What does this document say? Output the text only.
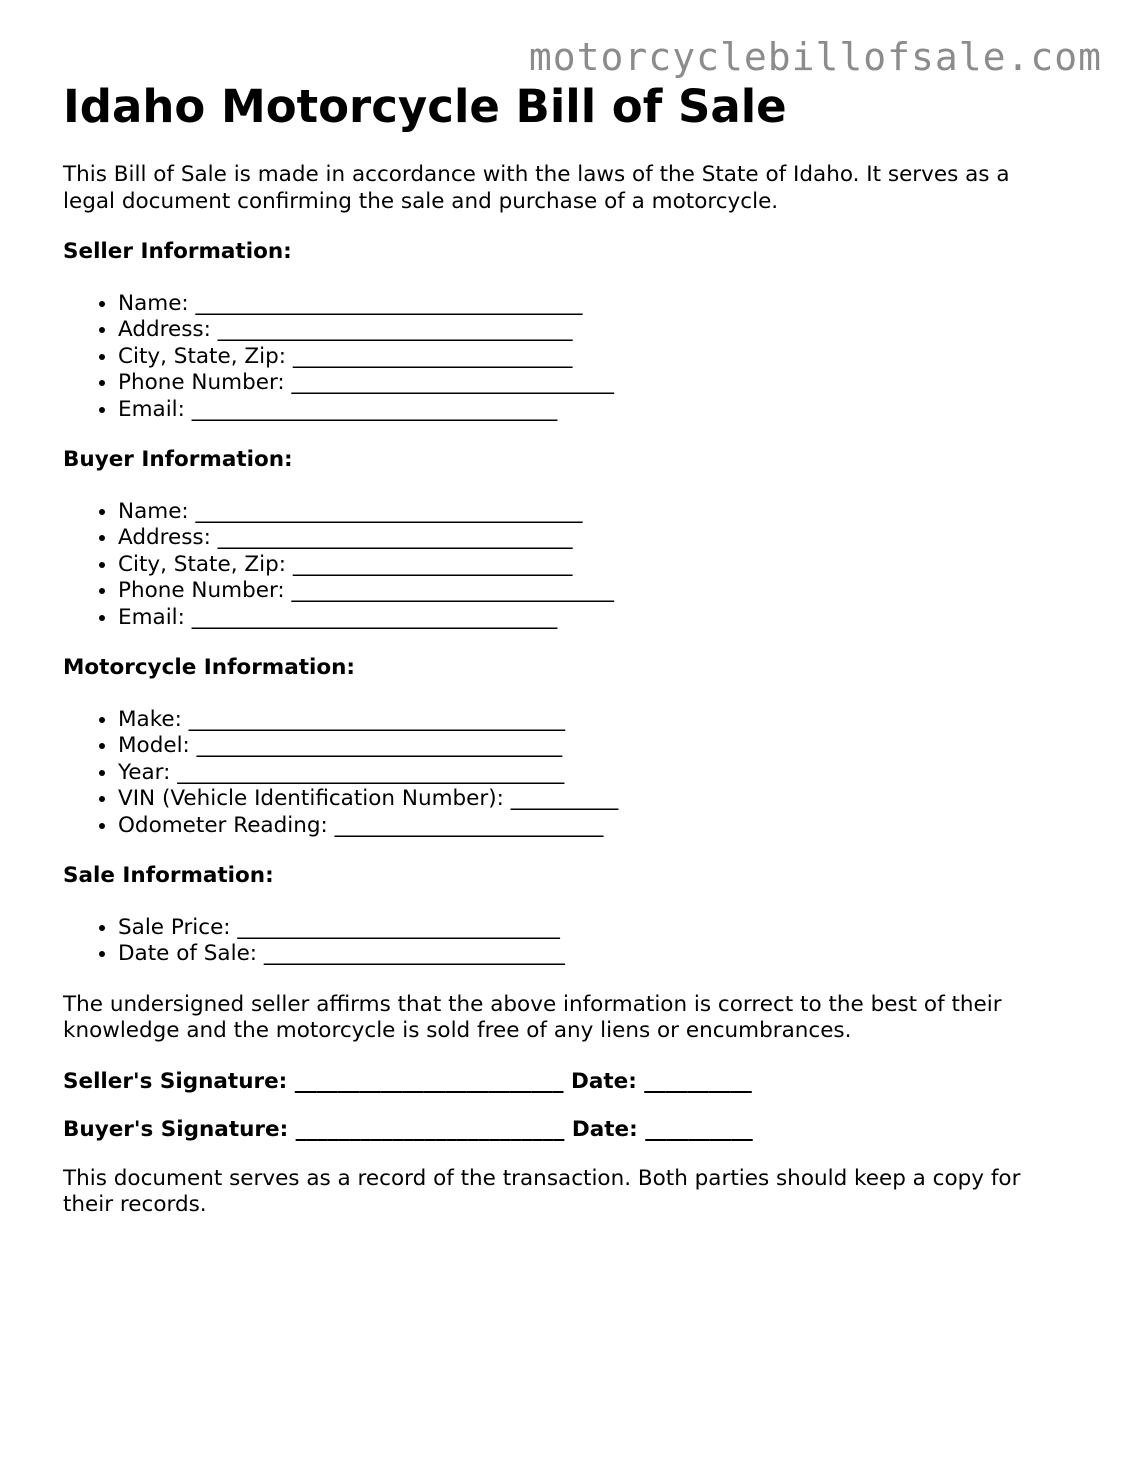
motorcyclebillofsale.com
Idaho Motorcycle Bill of Sale

This Bill of Sale is made in accordance with the laws of the State of Idaho. It serves as a legal document confirming the sale and purchase of a motorcycle.

Seller Information:
• Name: ____________________________________
• Address: _________________________________
• City, State, Zip: __________________________
• Phone Number: ______________________________
• Email: __________________________________
Buyer Information:
• Name: ____________________________________
• Address: _________________________________
• City, State, Zip: __________________________
• Phone Number: ______________________________
• Email: __________________________________
Motorcycle Information:
• Make: ___________________________________
• Model: __________________________________
• Year: ____________________________________
• VIN (Vehicle Identification Number): __________
• Odometer Reading: _________________________
Sale Information:
• Sale Price: ______________________________
• Date of Sale: ____________________________

The undersigned seller affirms that the above information is correct to the best of their knowledge and the motorcycle is sold free of any liens or encumbrances.

Seller's Signature: _________________________ Date: __________
Buyer's Signature: _________________________ Date: __________

This document serves as a record of the transaction. Both parties should keep a copy for their records.
